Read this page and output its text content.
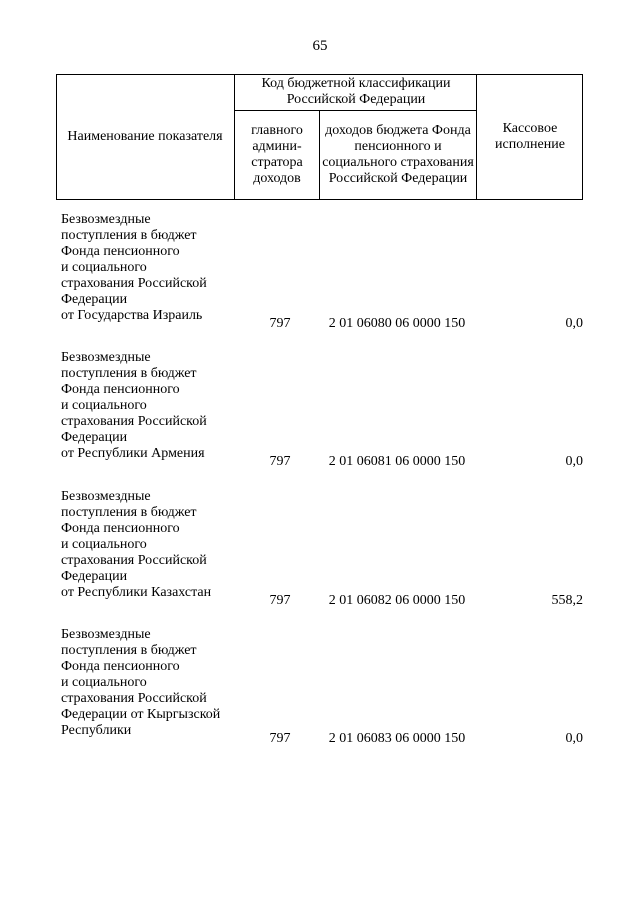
65
Наименование показателя
Код бюджетной классификации Российской Федерации
главного админи-стратора доходов
доходов бюджета Фонда пенсионного и социального страхования Российской Федерации
Кассовое исполнение
Безвозмездные
поступления в бюджет
Фонда пенсионного
и социального
страхования Российской
Федерации
от Государства Израиль
797	2 01 06080 06 0000 150	0,0
Безвозмездные
поступления в бюджет
Фонда пенсионного
и социального
страхования Российской
Федерации
от Республики Армения
797	2 01 06081 06 0000 150	0,0
Безвозмездные
поступления в бюджет
Фонда пенсионного
и социального
страхования Российской
Федерации
от Республики Казахстан
797	2 01 06082 06 0000 150	558,2
Безвозмездные
поступления в бюджет
Фонда пенсионного
и социального
страхования Российской
Федерации от Кыргызской
Республики
797	2 01 06083 06 0000 150	0,0
